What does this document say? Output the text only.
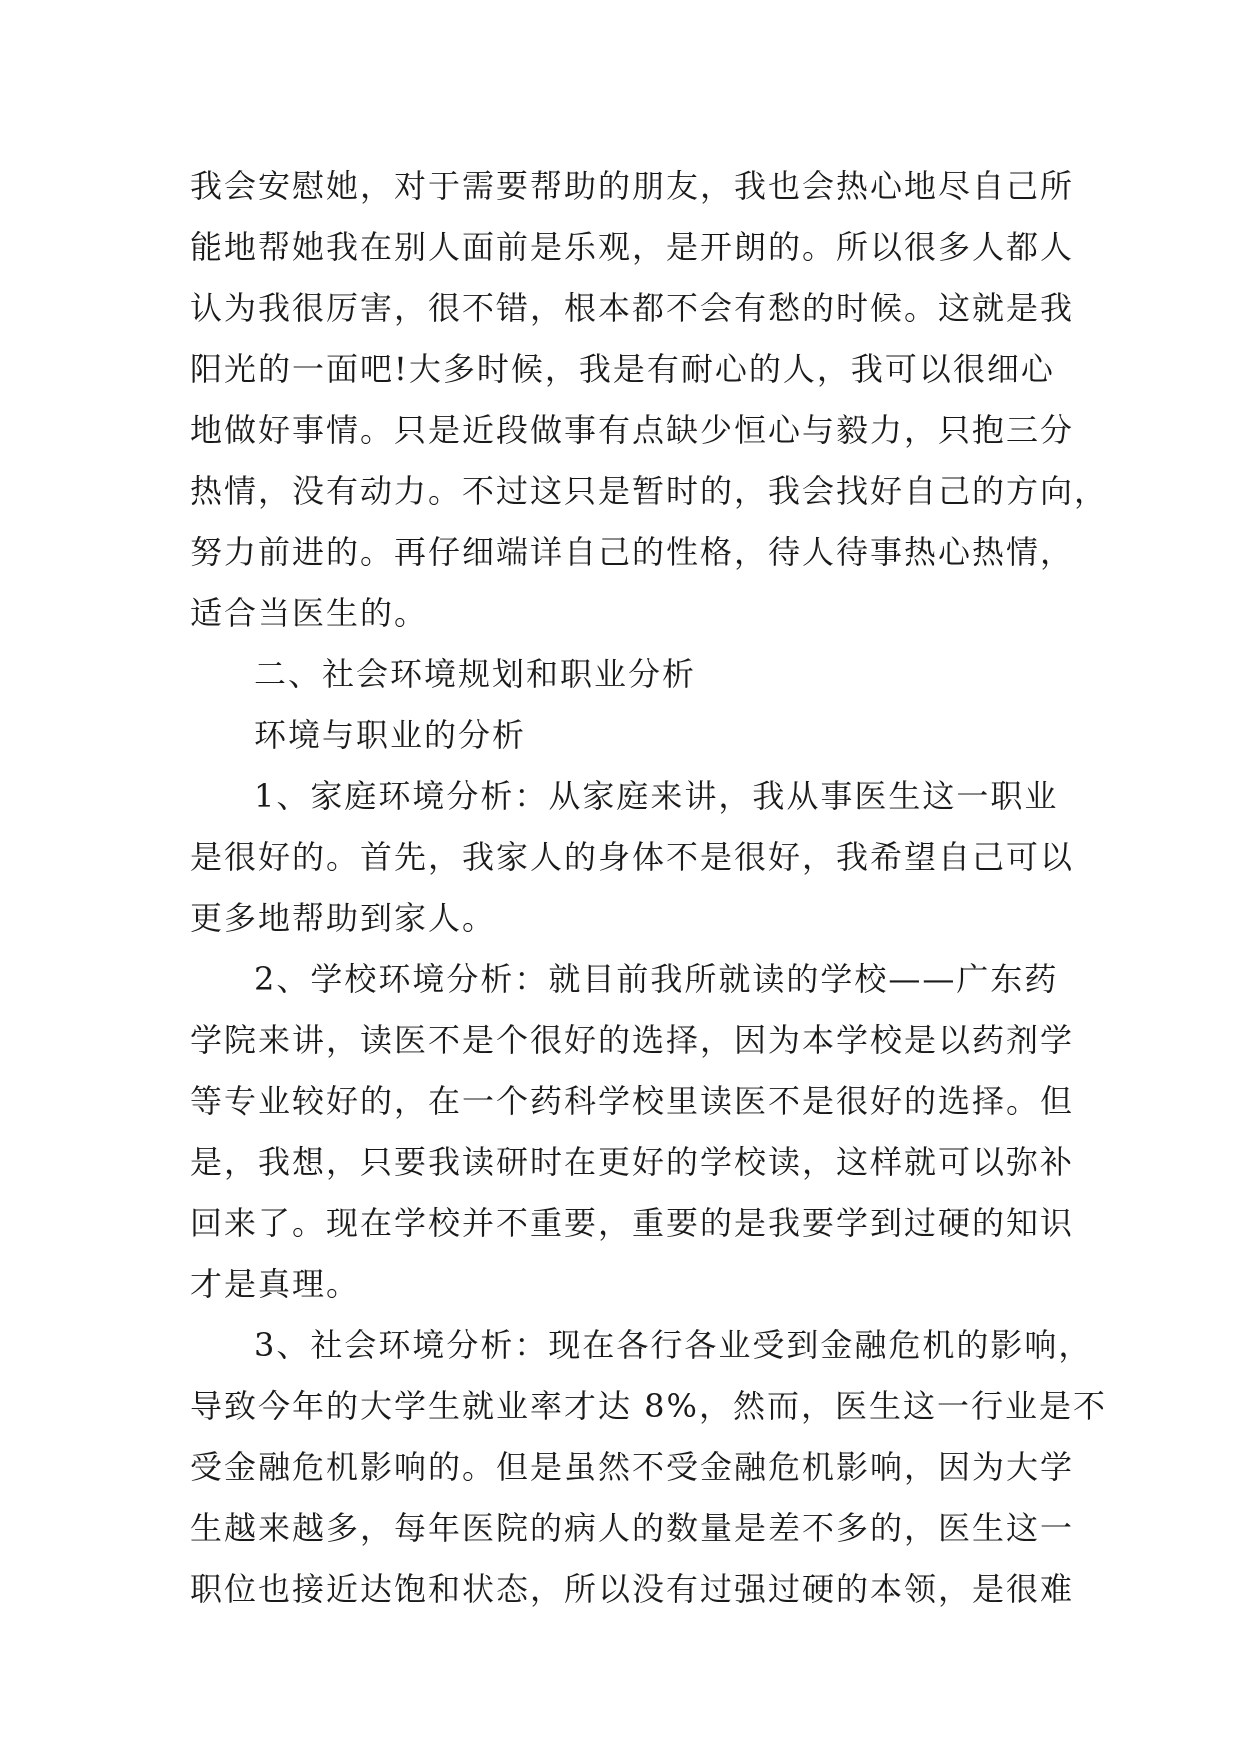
我会安慰她，对于需要帮助的朋友，我也会热心地尽自己所
能地帮她我在别人面前是乐观，是开朗的。所以很多人都人
认为我很厉害，很不错，根本都不会有愁的时候。这就是我
阳光的一面吧!大多时候，我是有耐心的人，我可以很细心
地做好事情。只是近段做事有点缺少恒心与毅力，只抱三分
热情，没有动力。不过这只是暂时的，我会找好自己的方向，
努力前进的。再仔细端详自己的性格，待人待事热心热情，
适合当医生的。
二、社会环境规划和职业分析
环境与职业的分析
1、家庭环境分析：从家庭来讲，我从事医生这一职业
是很好的。首先，我家人的身体不是很好，我希望自己可以
更多地帮助到家人。
2、学校环境分析：就目前我所就读的学校——广东药
学院来讲，读医不是个很好的选择，因为本学校是以药剂学
等专业较好的，在一个药科学校里读医不是很好的选择。但
是，我想，只要我读研时在更好的学校读，这样就可以弥补
回来了。现在学校并不重要，重要的是我要学到过硬的知识
才是真理。
3、社会环境分析：现在各行各业受到金融危机的影响，
导致今年的大学生就业率才达 8%，然而，医生这一行业是不
受金融危机影响的。但是虽然不受金融危机影响，因为大学
生越来越多，每年医院的病人的数量是差不多的，医生这一
职位也接近达饱和状态，所以没有过强过硬的本领，是很难
